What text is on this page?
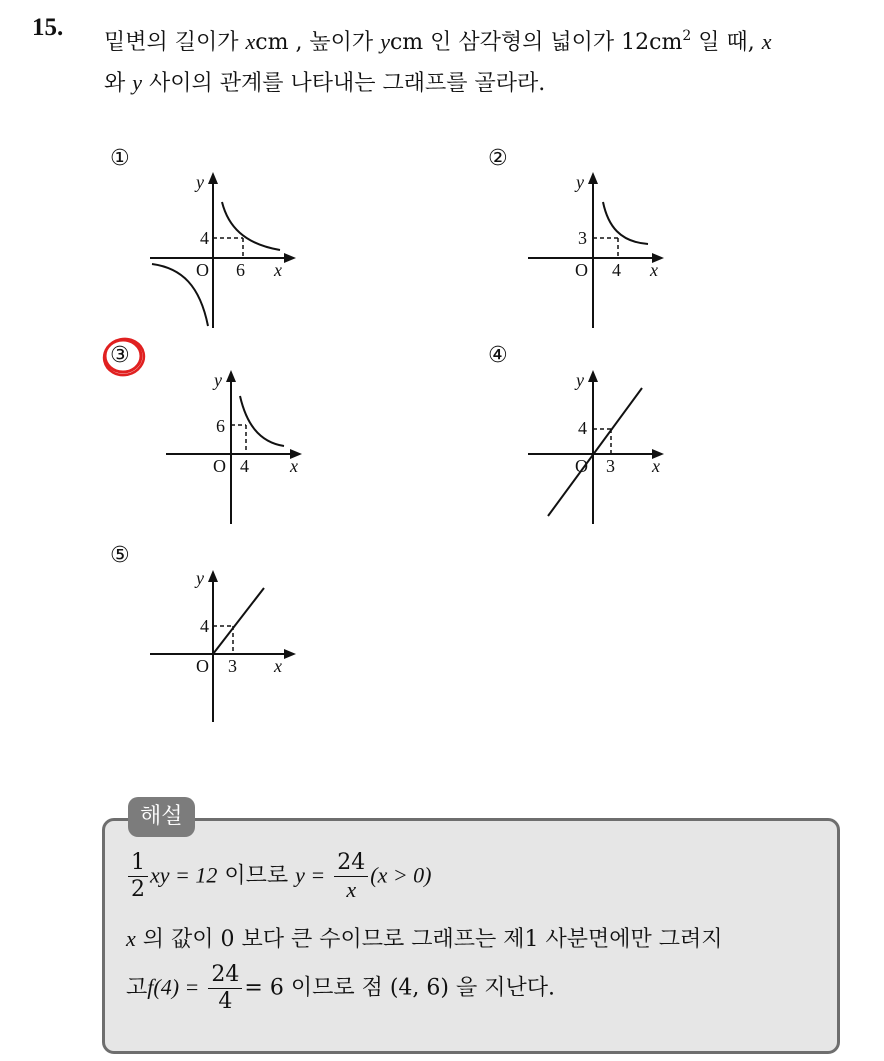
15.
밑변의 길이가 xcm , 높이가 ycm 인 삼각형의 넓이가 $12cm^2$ 일 때, x
와 y 사이의 관계를 나타내는 그래프를 골라라.
①	②
③	④
⑤
y
4
O 6 x
y
3
O 4 x
y
6
O 4 x
y
4
O 3 x
y
4
O 3 x
해설
$\frac{1}{2}$ xy = 12 이므로 $y = \frac{24}{x} (x > 0)$
x 의 값이 0 보다 큰 수이므로 그래프는 제1 사분면에만 그려지
고$f(4) = \frac{24}{4} = 6$ 이므로 점 (4, 6) 을 지난다.
